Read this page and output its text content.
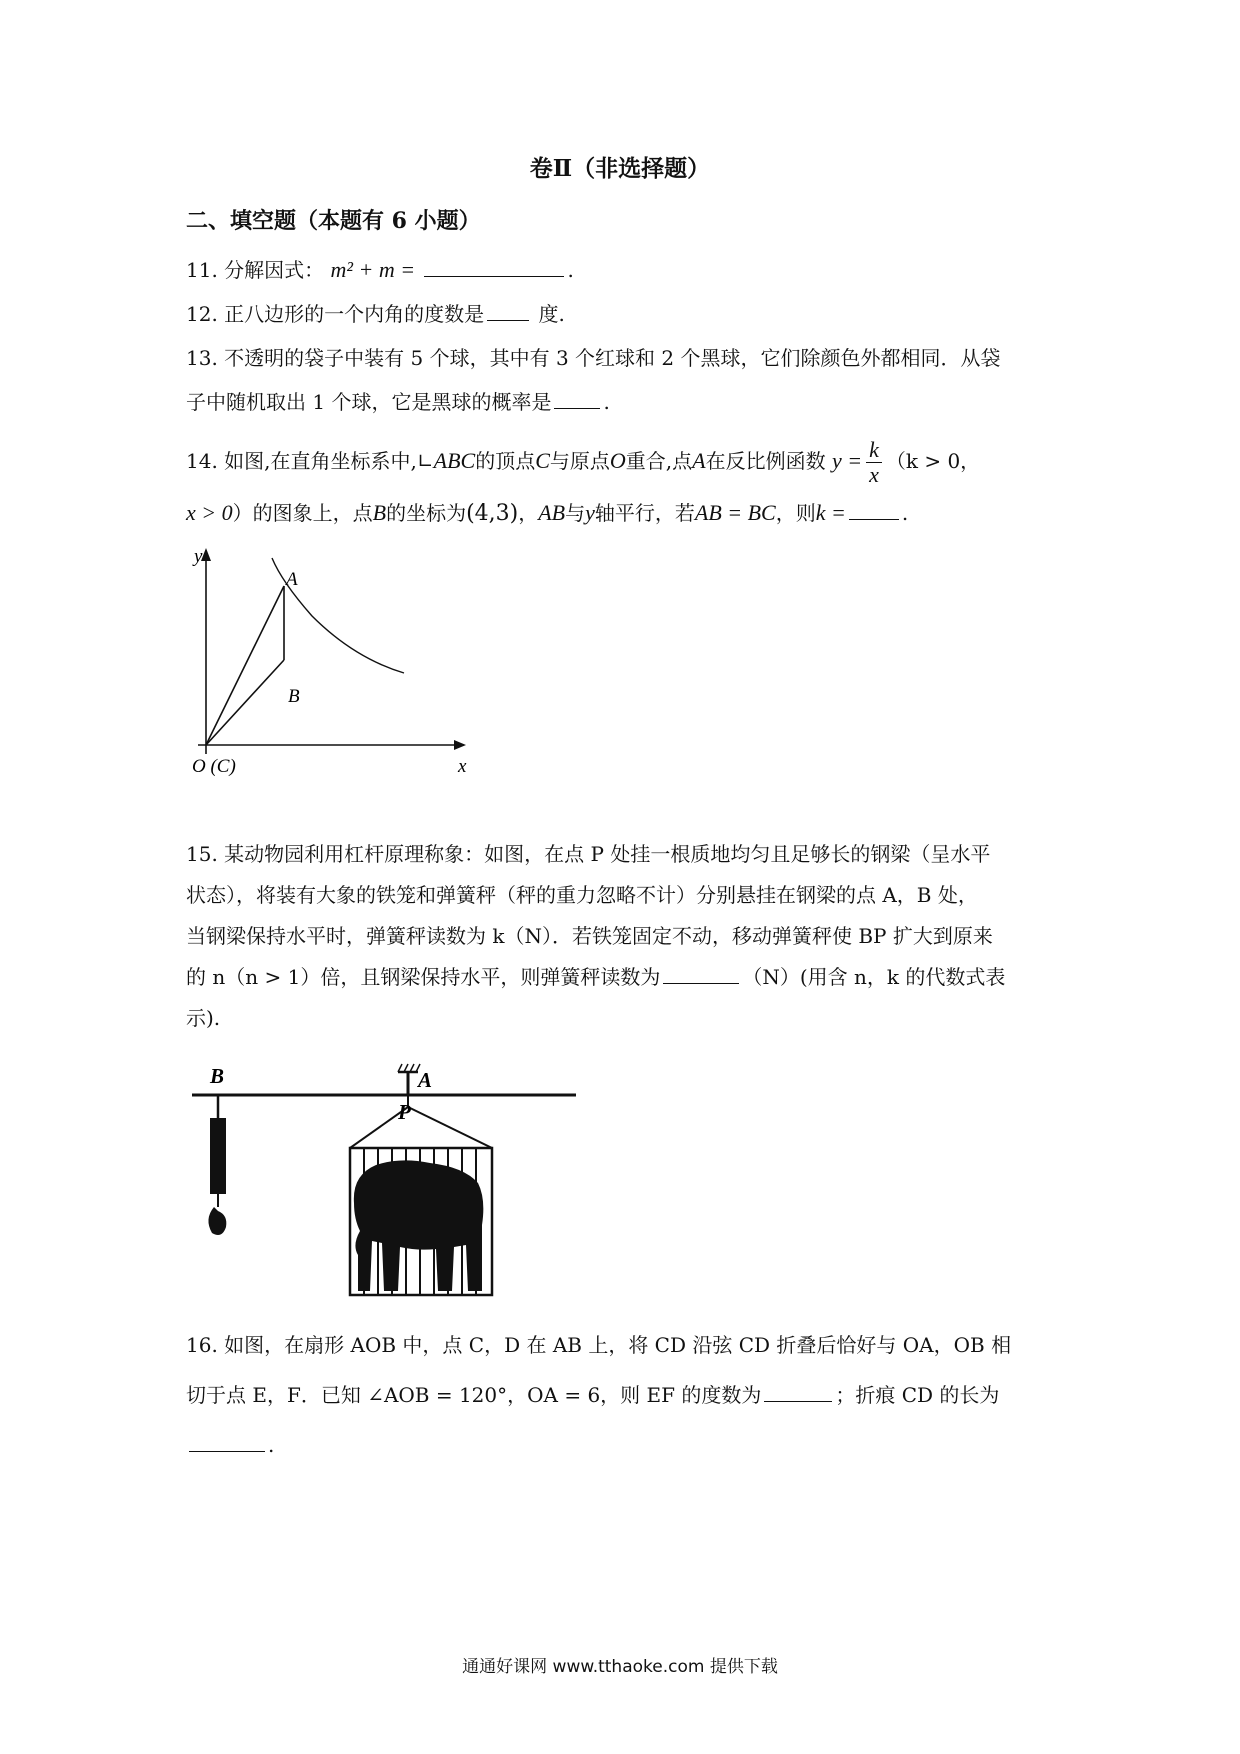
卷Ⅱ（非选择题）
二、填空题（本题有 6 小题）
11. 分解因式： m² + m =	.
12. 正八边形的一个内角的度数是	度.
13. 不透明的袋子中装有 5 个球，其中有 3 个红球和 2 个黑球，它们除颜色外都相同．从袋
子中随机取出 1 个球，它是黑球的概率是	.
14. 如图,在直角坐标系中,∟ABC的顶点C与原点O重合,点A在反比例函数 $y = \frac{k}{x} (k > 0$，
x > 0）的图象上，点B的坐标为(4,3)，AB与y轴平行，若AB = BC，则k =	.
y
x
A
B
O (C)
15. 某动物园利用杠杆原理称象：如图，在点 P 处挂一根质地均匀且足够长的钢梁（呈水平
状态），将装有大象的铁笼和弹簧秤（秤的重力忽略不计）分别悬挂在钢梁的点 A，B 处，
当钢梁保持水平时，弹簧秤读数为 k（N）．若铁笼固定不动，移动弹簧秤使 BP 扩大到原来
的 n（n > 1）倍，且钢梁保持水平，则弹簧秤读数为	（N）(用含 n，k 的代数式表
示).
B	A
P
16. 如图，在扇形 AOB 中，点 C，D 在 AB 上，将 CD 沿弦 CD 折叠后恰好与 OA，OB 相
切于点 E，F．已知 ∠AOB = 120°，OA = 6，则 EF 的度数为	；折痕 CD 的长为.
通通好课网 www.tthaoke.com 提供下载
